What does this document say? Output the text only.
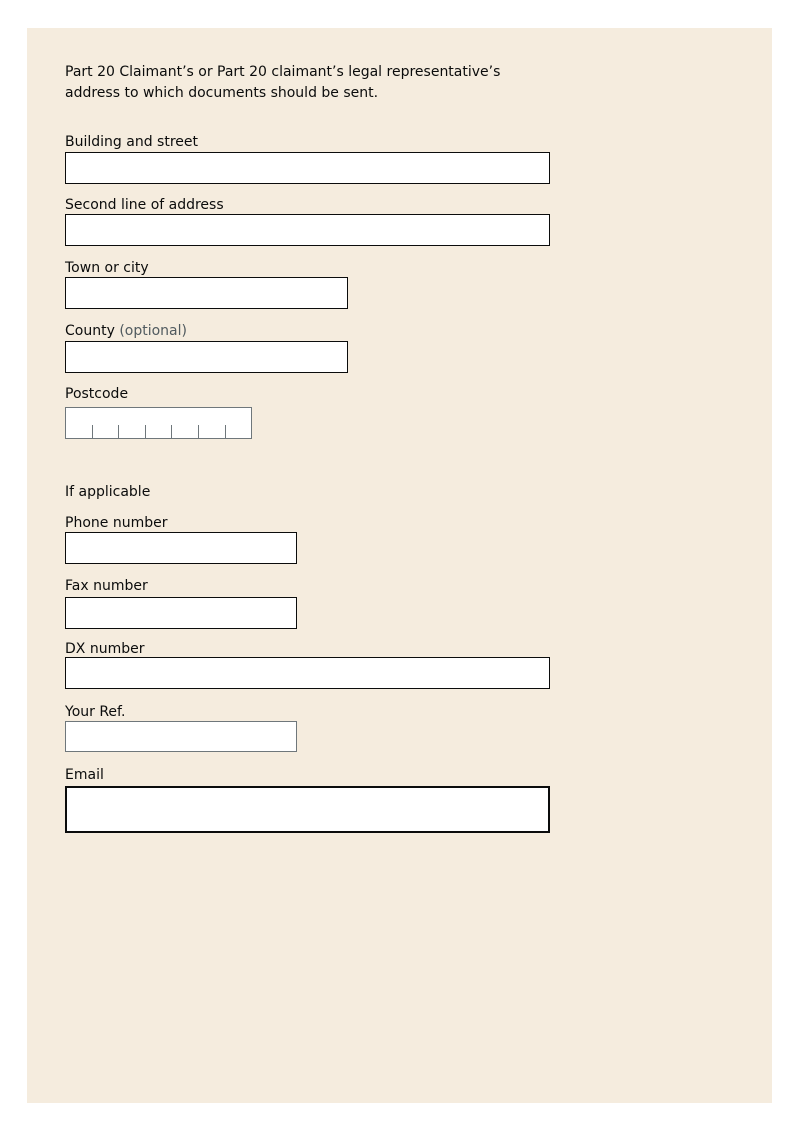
Part 20 Claimant’s or Part 20 claimant’s legal representative’s
address to which documents should be sent.
Building and street
Second line of address
Town or city
County (optional)
Postcode
If applicable
Phone number
Fax number
DX number
Your Ref.
Email
